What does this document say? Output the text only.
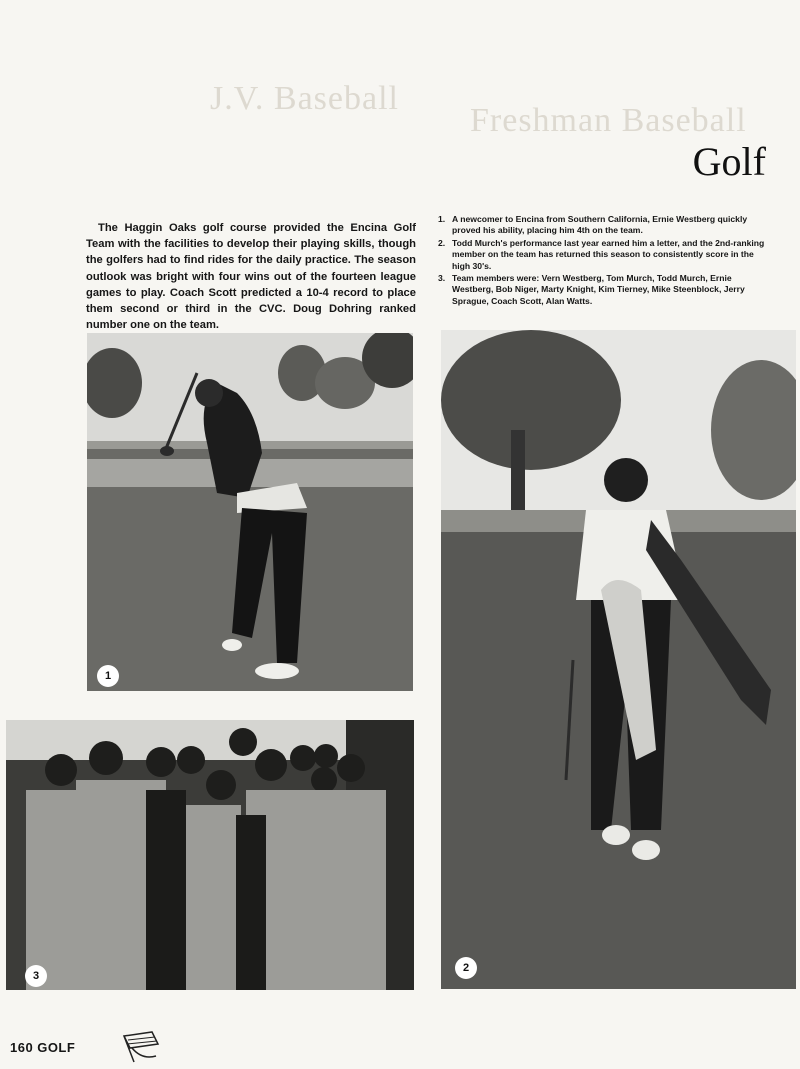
J.V. Baseball
Freshman Baseball
Golf

The Haggin Oaks golf course provided the Encina Golf Team with the facilities to develop their playing skills, though the golfers had to find rides for the daily practice. The season outlook was bright with four wins out of the fourteen league games to play. Coach Scott predicted a 10-4 record to place them second or third in the CVC. Doug Dohring ranked number one on the team.

1. A newcomer to Encina from Southern California, Ernie Westberg quickly proved his ability, placing him 4th on the team.
2. Todd Murch's performance last year earned him a letter, and the 2nd-ranking member on the team has returned this season to consistently score in the high 30's.
3. Team members were: Vern Westberg, Tom Murch, Todd Murch, Ernie Westberg, Bob Niger, Marty Knight, Kim Tierney, Mike Steenblock, Jerry Sprague, Coach Scott, Alan Watts.
1
2
3
160 GOLF
